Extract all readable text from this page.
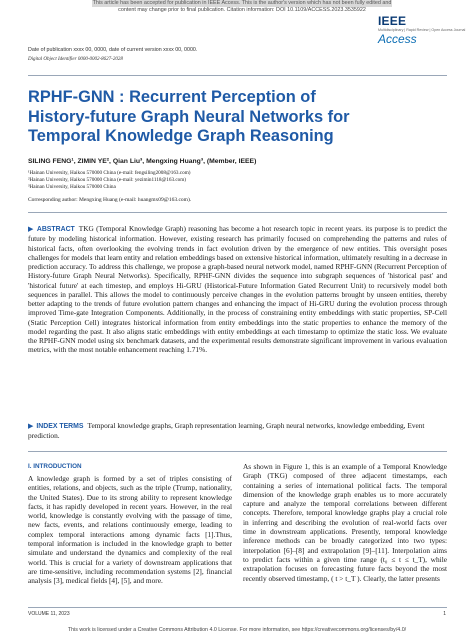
This article has been accepted for publication in IEEE Access. This is the author's version which has not been fully edited and
content may change prior to final publication. Citation information: DOI 10.1109/ACCESS.2023.3535922
IEEE Access
Multidisciplinary | Rapid Review | Open Access Journal
Date of publication xxxx 00, 0000, date of current version xxxx 00, 0000.
Digital Object Identifier 0000-0002-8627-2028
RPHF-GNN : Recurrent Perception of History-future Graph Neural Networks for Temporal Knowledge Graph Reasoning
SILING FENG¹, ZIMIN YE², Qian Liu³, Mengxing Huang³, (Member, IEEE)
¹Hainan University, Haikou 570000 China (e-mail: fengsiling2008@163.com)
²Hainan University, Haikou 570000 China (e-mail: yezimin1118@163.com)
³Hainan University, Haikou 570000 China
Corresponding author: Mengxing Huang (e-mail: huangmx09@163.com).
▶ ABSTRACT TKG (Temporal Knowledge Graph) reasoning has become a hot research topic in recent years. its purpose is to predict the future by modeling historical information. However, existing research has primarily focused on comprehending the patterns and rules of historical facts, often overlooking the evolving trends in fact evolution driven by the emergence of new entities. This oversight poses challenges for models that learn entity and relation embeddings based on extensive historical information, ultimately resulting in a decrease in prediction accuracy. To address this challenge, we propose a graph-based neural network model, named RPHF-GNN (Recurrent Perception of History-future Graph Neural Networks). Specifically, RPHF-GNN divides the sequence into subgraph sequences of 'historical past' and 'historical future' at each timestep, and employs Hi-GRU (Historical-Future Information Gated Recurrent Unit) to recursively model both sequences in parallel. This allows the model to continuously perceive changes in the evolution patterns brought by unseen entities, thereby better adapting to the trends of future evolution pattern changes and enhancing the impact of Hi-GRU during the evolution process through improved Time-gate Integration Components. Additionally, in the process of constraining entity embeddings with static properties, SP-Cell (Static Perception Cell) integrates historical information from entity embeddings into the static properties to enhance the memory of the model regarding the past. It also aligns static embeddings with entity embeddings at each timestamp to optimize the static loss. We evaluate the RPHF-GNN model using six benchmark datasets, and the experimental results demonstrate significant improvement in various evaluation metrics, with the most notable enhancement reaching 1.71%.
▶ INDEX TERMS Temporal knowledge graphs, Graph representation learning, Graph neural networks, knowledge embedding, Event prediction.
I. INTRODUCTION
A knowledge graph is formed by a set of triples consisting of entities, relations, and objects, such as the triple (Trump, nationality, the United States). Due to its strong ability to represent knowledge facts, it has rapidly developed in recent years. However, in the real world, knowledge is constantly evolving with the passage of time, new facts, events, and relations continuously emerge, leading to complex temporal interactions among dynamic facts [1].Thus, temporal information is included in the knowledge graph to better simulate and understand the dynamics and complexity of the real world. This is crucial for a variety of downstream applications that are time-sensitive, including recommendation systems [2], financial analysis [3], medical fields [4], [5], and more.
As shown in Figure 1, this is an example of a Temporal Knowledge Graph (TKG) composed of three adjacent timestamps, each containing a series of international political facts. The temporal dimension of the knowledge graph enables us to more accurately capture and analyze the temporal correlations between different concepts. Therefore, temporal knowledge graphs play a crucial role in inferring and describing the evolution of real-world facts over time in downstream applications. Presently, temporal knowledge inference methods can be broadly categorized into two types: interpolation [6]–[8] and extrapolation [9]–[11]. Interpolation aims to predict facts within a given time range (t₀ ≤ t ≤ t_T), while extrapolation focuses on forecasting future facts beyond the most recently observed timestamp, ( t > t_T ). Clearly, the latter presents
VOLUME 11, 2023	1
This work is licensed under a Creative Commons Attribution 4.0 License. For more information, see https://creativecommons.org/licenses/by/4.0/
